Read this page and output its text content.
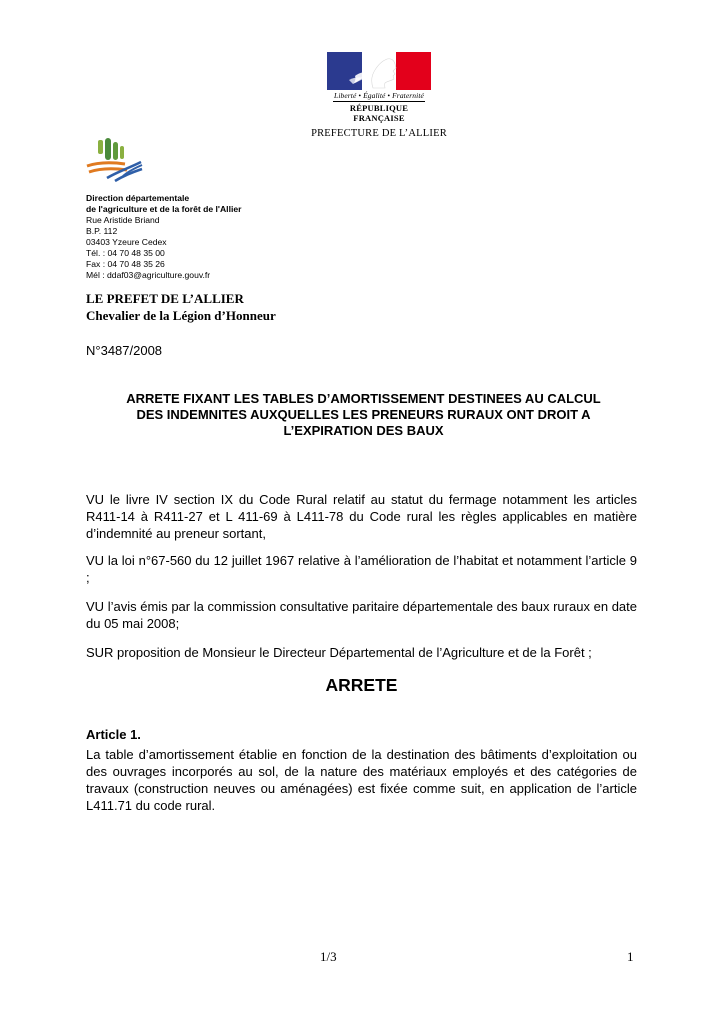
Liberté • Égalité • Fraternité
RÉPUBLIQUE FRANÇAISE
PREFECTURE DE L’ALLIER
Direction départementale
de l'agriculture et de la forêt de l'Allier
Rue Aristide Briand
B.P. 112
03403 Yzeure Cedex
Tél. : 04 70 48 35 00
Fax : 04 70 48 35 26
Mél : ddaf03@agriculture.gouv.fr
LE PREFET DE L’ALLIER
Chevalier de la Légion d’Honneur
N°3487/2008
ARRETE FIXANT LES TABLES D’AMORTISSEMENT DESTINEES AU CALCUL
DES INDEMNITES AUXQUELLES LES PRENEURS RURAUX ONT DROIT A
L’EXPIRATION DES BAUX
VU le livre IV section IX du Code Rural relatif au statut du fermage notamment les articles R411-14 à R411-27 et L 411-69 à L411-78 du Code rural les règles applicables en matière d’indemnité au preneur sortant,
VU la loi n°67-560 du 12 juillet 1967 relative à l’amélioration de l’habitat et notamment l’article 9 ;
VU l’avis émis par la commission consultative paritaire départementale des baux ruraux en date du 05 mai 2008;
SUR proposition de Monsieur le Directeur Départemental de l’Agriculture et de la Forêt ;
ARRETE
Article 1.
La table d’amortissement établie en fonction de la destination des bâtiments d’exploitation ou des ouvrages incorporés au sol, de la nature des matériaux employés et des catégories de travaux (construction neuves ou aménagées) est fixée comme suit, en application de l’article L411.71 du code rural.
1/3	1
